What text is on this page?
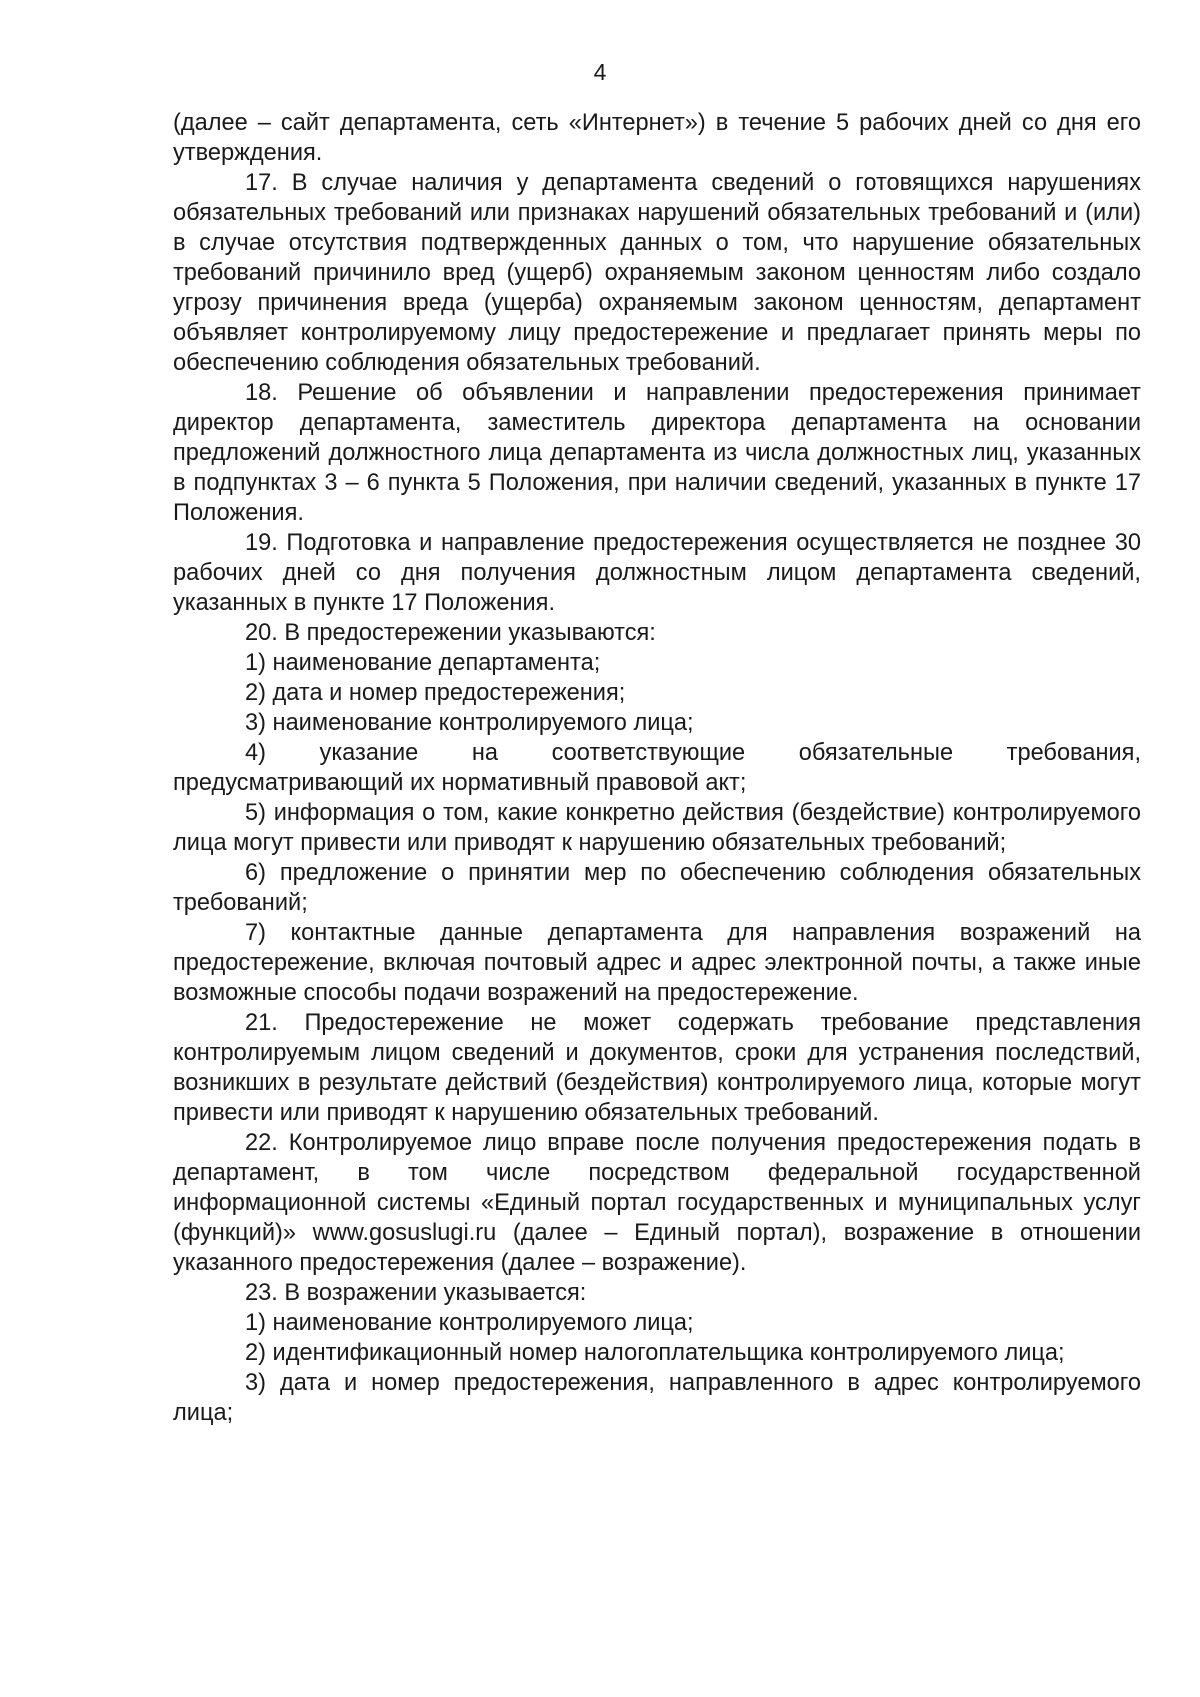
4

(далее – сайт департамента, сеть «Интернет») в течение 5 рабочих дней со дня его утверждения.

17. В случае наличия у департамента сведений о готовящихся нарушениях обязательных требований или признаках нарушений обязательных требований и (или) в случае отсутствия подтвержденных данных о том, что нарушение обязательных требований причинило вред (ущерб) охраняемым законом ценностям либо создало угрозу причинения вреда (ущерба) охраняемым законом ценностям, департамент объявляет контролируемому лицу предостережение и предлагает принять меры по обеспечению соблюдения обязательных требований.

18. Решение об объявлении и направлении предостережения принимает директор департамента, заместитель директора департамента на основании предложений должностного лица департамента из числа должностных лиц, указанных в подпунктах 3 – 6 пункта 5 Положения, при наличии сведений, указанных в пункте 17 Положения.

19. Подготовка и направление предостережения осуществляется не позднее 30 рабочих дней со дня получения должностным лицом департамента сведений, указанных в пункте 17 Положения.

20. В предостережении указываются:

1) наименование департамента;

2) дата и номер предостережения;

3) наименование контролируемого лица;

4) указание на соответствующие обязательные требования, предусматривающий их нормативный правовой акт;

5) информация о том, какие конкретно действия (бездействие) контролируемого лица могут привести или приводят к нарушению обязательных требований;

6) предложение о принятии мер по обеспечению соблюдения обязательных требований;

7) контактные данные департамента для направления возражений на предостережение, включая почтовый адрес и адрес электронной почты, а также иные возможные способы подачи возражений на предостережение.

21. Предостережение не может содержать требование представления контролируемым лицом сведений и документов, сроки для устранения последствий, возникших в результате действий (бездействия) контролируемого лица, которые могут привести или приводят к нарушению обязательных требований.

22. Контролируемое лицо вправе после получения предостережения подать в департамент, в том числе посредством федеральной государственной информационной системы «Единый портал государственных и муниципальных услуг (функций)» www.gosuslugi.ru (далее – Единый портал), возражение в отношении указанного предостережения (далее – возражение).

23. В возражении указывается:

1) наименование контролируемого лица;

2) идентификационный номер налогоплательщика контролируемого лица;

3) дата и номер предостережения, направленного в адрес контролируемого лица;
